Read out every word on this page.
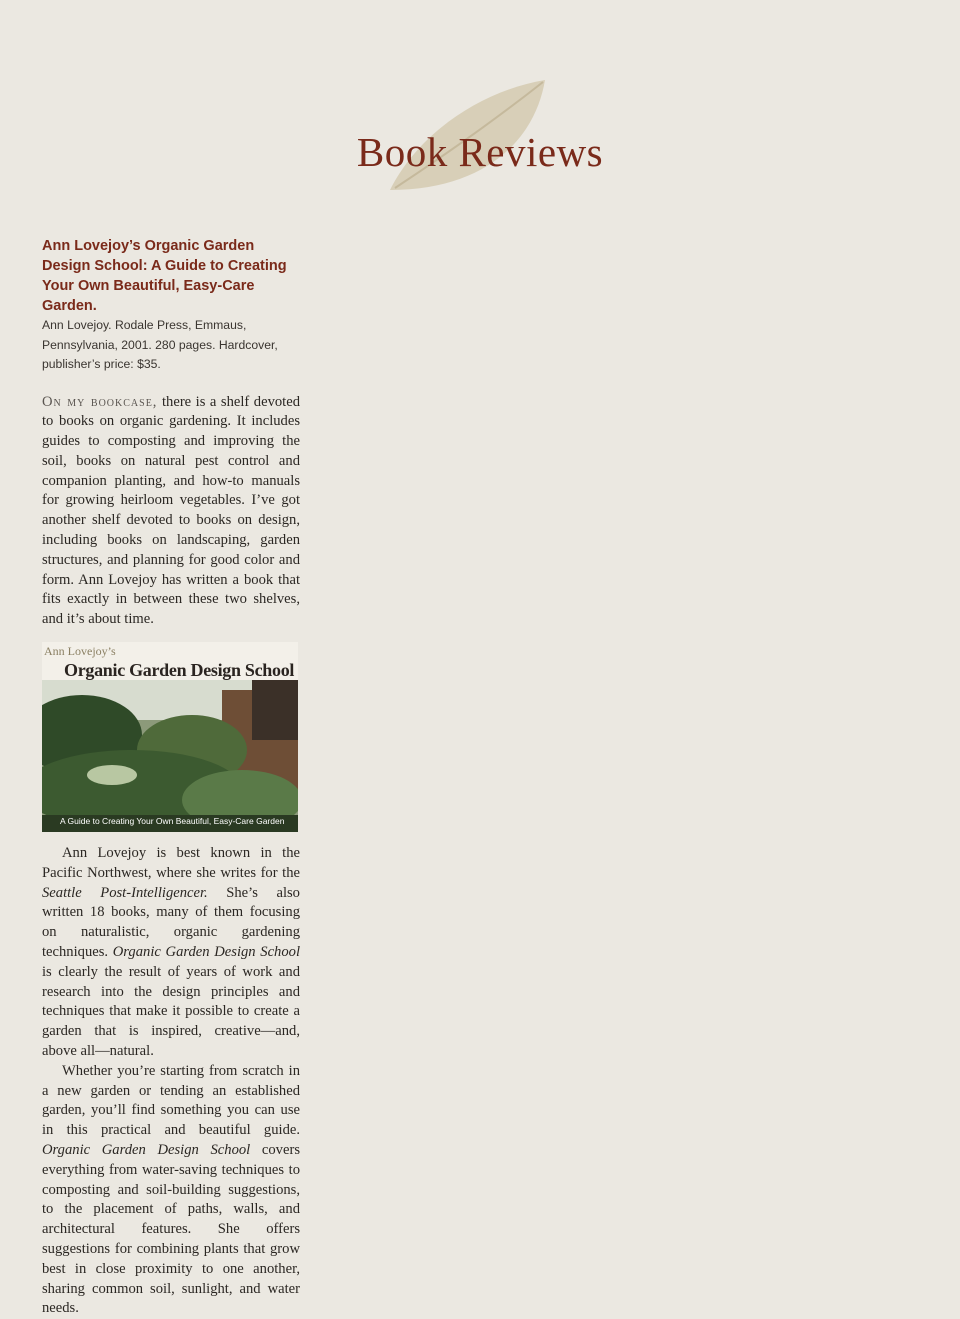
Book Reviews
Ann Lovejoy’s Organic Garden Design School: A Guide to Creating Your Own Beautiful, Easy-Care Garden.

Ann Lovejoy. Rodale Press, Emmaus, Pennsylvania, 2001. 280 pages. Hardcover, publisher’s price: $35.

On my bookcase, there is a shelf devoted to books on organic gardening. It includes guides to composting and improving the soil, books on natural pest control and companion planting, and how-to manuals for growing heirloom vegetables. I’ve got another shelf devoted to books on design, including books on landscaping, garden structures, and planning for good color and form. Ann Lovejoy has written a book that fits exactly in between these two shelves, and it’s about time.

Ann Lovejoy’s
Organic Garden Design School
A Guide to Creating Your Own Beautiful, Easy-Care Garden

Ann Lovejoy is best known in the Pacific Northwest, where she writes for the Seattle Post-Intelligencer. She’s also written 18 books, many of them focusing on naturalistic, organic gardening techniques. Organic Garden Design School is clearly the result of years of work and research into the design principles and techniques that make it possible to create a garden that is inspired, creative—and, above all—natural.

Whether you’re starting from scratch in a new garden or tending an established garden, you’ll find something you can use in this practical and beautiful guide. Organic Garden Design School covers everything from water-saving techniques to composting and soil-building suggestions, to the placement of paths, walls, and architectural features. She offers suggestions for combining plants that grow best in close proximity to one another, sharing common soil, sunlight, and water needs.
